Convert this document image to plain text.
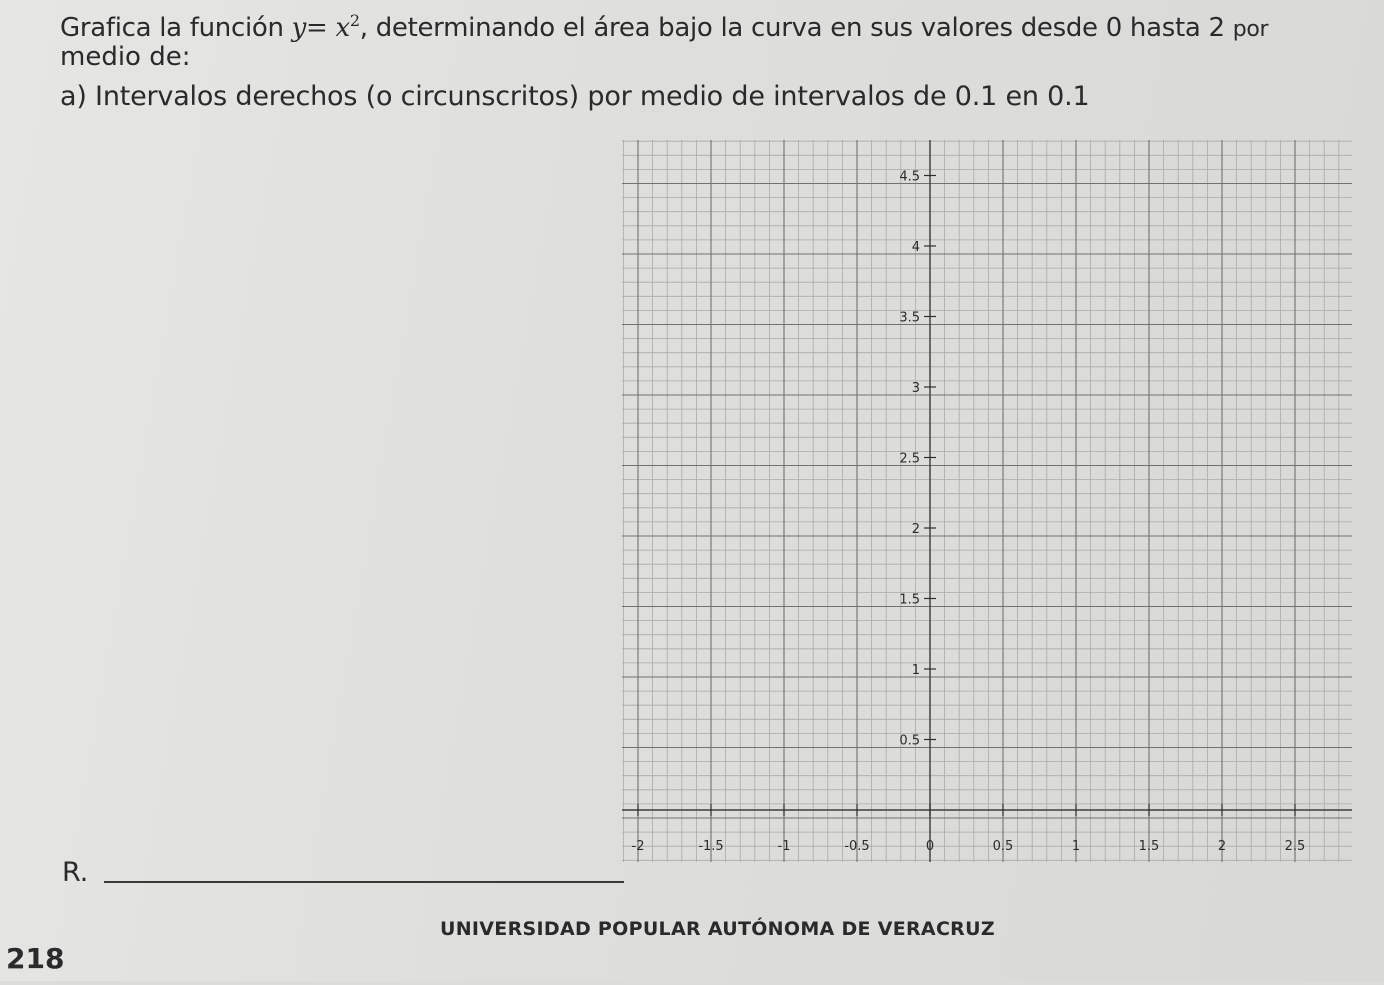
Grafica la función $y= x^2$, determinando el área bajo la curva en sus valores desde 0 hasta 2 por
medio de:
a) Intervalos derechos (o circunscritos) por medio de intervalos de 0.1 en 0.1
-2	-1.5	-1	-0.5	0	0.5	1	1.5	2	2.5
0.5
1
1.5
2
2.5
3
3.5
4
4.5
R.
218
UNIVERSIDAD POPULAR AUTÓNOMA DE VERACRUZ
